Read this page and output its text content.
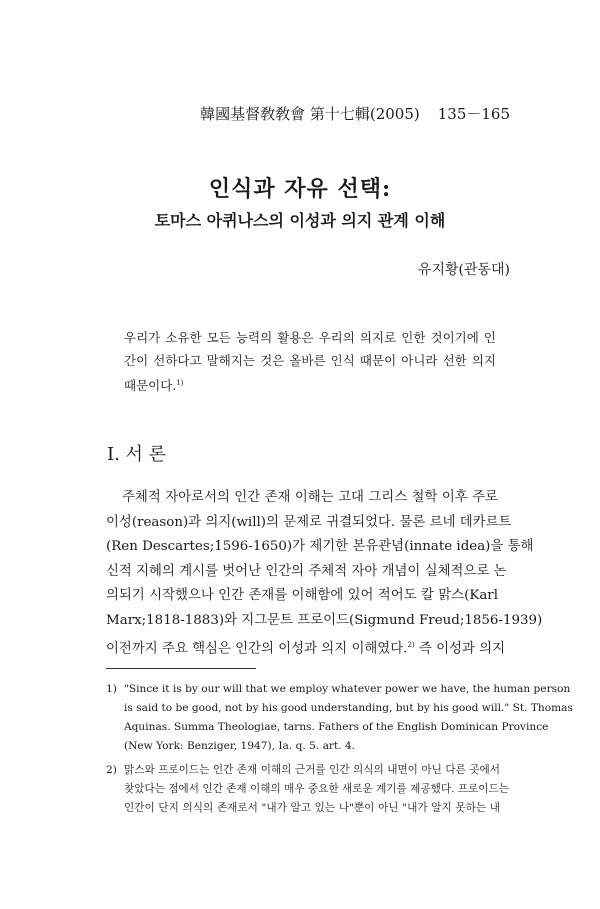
韓國基督敎敎會 第十七輯(2005) 135－165
인식과 자유 선택:
토마스 아퀴나스의 이성과 의지 관계 이해
유지황(관동대)
우리가 소유한 모든 능력의 활용은 우리의 의지로 인한 것이기에 인간이 선하다고 말해지는 것은 올바른 인식 때문이 아니라 선한 의지 때문이다.$^{1)}$
I. 서 론
주체적 자아로서의 인간 존재 이해는 고대 그리스 철학 이후 주로
이성(reason)과 의지(will)의 문제로 귀결되었다. 물론 르네 데카르트
(Ren Descartes;1596-1650)가 제기한 본유관념(innate idea)을 통해
신적 지혜의 계시를 벗어난 인간의 주체적 자아 개념이 실체적으로 논
의되기 시작했으나 인간 존재를 이해함에 있어 적어도 칼 맑스(Karl
Marx;1818-1883)와 지그문트 프로이드(Sigmund Freud;1856-1939)
이전까지 주요 핵심은 인간의 이성과 의지 이해였다.$^{2)}$ 즉 이성과 의지
1) "Since it is by our will that we employ whatever power we have, the human person
is said to be good, not by his good understanding, but by his good will." St. Thomas
Aquinas. Summa Theologiae, tarns. Fathers of the English Dominican Province
(New York: Benziger, 1947), Ia. q. 5. art. 4.
2) 맑스와 프로이드는 인간 존재 이해의 근거를 인간 의식의 내면이 아닌 다른 곳에서
찾았다는 점에서 인간 존재 이해의 매우 중요한 새로운 계기를 제공했다. 프로이드는
인간이 단지 의식의 존재로서 "내가 알고 있는 나"뿐이 아닌 "내가 알지 못하는 내
